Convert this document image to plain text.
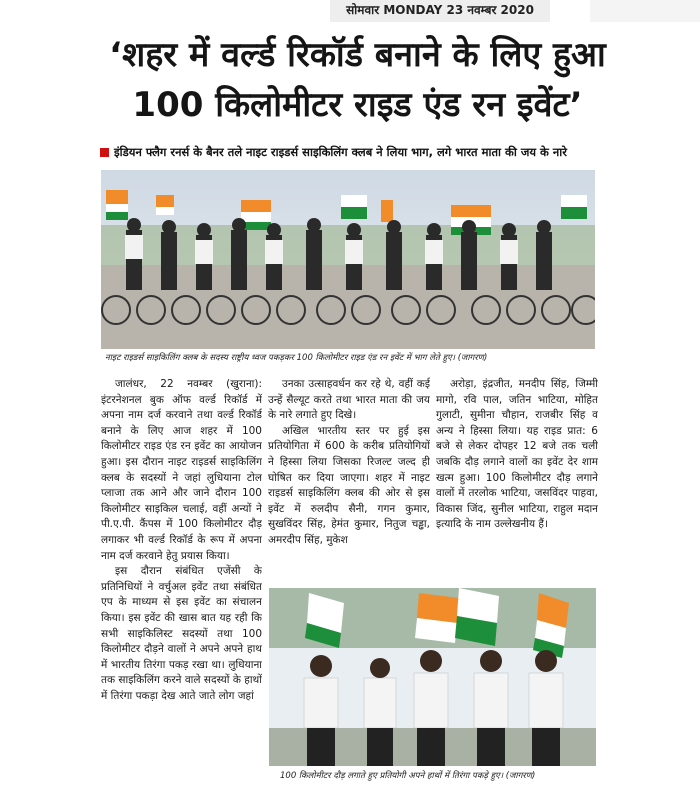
सोमवार MONDAY 23 नवम्बर 2020
‘शहर में वर्ल्ड रिकॉर्ड बनाने के लिए हुआ
100 किलोमीटर राइड एंड रन इवेंट’
इंडियन फ्लैग रनर्स के बैनर तले नाइट राइडर्स साइकिलिंग क्लब ने लिया भाग, लगे भारत माता की जय के नारे
नाइट राइडर्स साइकिलिंग क्लब के सदस्य राष्ट्रीय ध्वज पकड़कर 100 किलोमीटर राइड एंड रन इवेंट में भाग लेते हुए। (जागरण)

जालंधर, 22 नवम्बर (खुराना): इंटरनेशनल बुक ऑफ वर्ल्ड रिकॉर्ड में अपना नाम दर्ज करवाने तथा वर्ल्ड रिकॉर्ड बनाने के लिए आज शहर में 100 किलोमीटर राइड एंड रन इवेंट का आयोजन हुआ। इस दौरान नाइट राइडर्स साइकिलिंग क्लब के सदस्यों ने जहां लुधियाना टोल प्लाजा तक आने और जाने दौरान 100 किलोमीटर साइकिल चलाई, वहीं अन्यों ने पी.ए.पी. कैंपस में 100 किलोमीटर दौड़ लगाकर भी वर्ल्ड रिकॉर्ड के रूप में अपना नाम दर्ज करवाने हेतु प्रयास किया।

इस दौरान संबंधित एजेंसी के प्रतिनिधियों ने वर्चुअल इवेंट तथा संबंधित एप के माध्यम से इस इवेंट का संचालन किया। इस इवेंट की खास बात यह रही कि सभी साइकिलिस्ट सदस्यों तथा 100 किलोमीटर दौड़ने वालों ने अपने अपने हाथ में भारतीय तिरंगा पकड़ रखा था। लुधियाना तक साइकिलिंग करने वाले सदस्यों के हाथों में तिरंगा पकड़ा देख आते जाते लोग जहां

उनका उत्साहवर्धन कर रहे थे, वहीं कई उन्हें सैल्यूट करते तथा भारत माता की जय के नारे लगाते हुए दिखे।

अखिल भारतीय स्तर पर हुई इस प्रतियोगिता में 600 के करीब प्रतियोगियों ने हिस्सा लिया जिसका रिजल्ट जल्द ही घोषित कर दिया जाएगा। शहर में नाइट राइडर्स साइकिलिंग क्लब की ओर से इस इवेंट में रुलदीप सैनी, गगन कुमार, सुखविंदर सिंह, हेमंत कुमार, नितुज चड्ढा, अमरदीप सिंह, मुकेश

अरोड़ा, इंद्रजीत, मनदीप सिंह, जिम्मी मागो, रवि पाल, जतिन भाटिया, मोहित गुलाटी, सुमीना चौहान, राजबीर सिंह व अन्य ने हिस्सा लिया। यह राइड प्रात: 6 बजे से लेकर दोपहर 12 बजे तक चली जबकि दौड़ लगाने वालों का इवेंट देर शाम खत्म हुआ। 100 किलोमीटर दौड़ लगाने वालों में तरलोक भाटिया, जसविंदर पाहवा, विकास जिंद, सुनील भाटिया, राहुल मदान इत्यादि के नाम उल्लेखनीय हैं।

100 किलोमीटर दौड़ लगाते हुए प्रतियोगी अपने हाथों में तिरंगा पकड़े हुए। (जागरण)
